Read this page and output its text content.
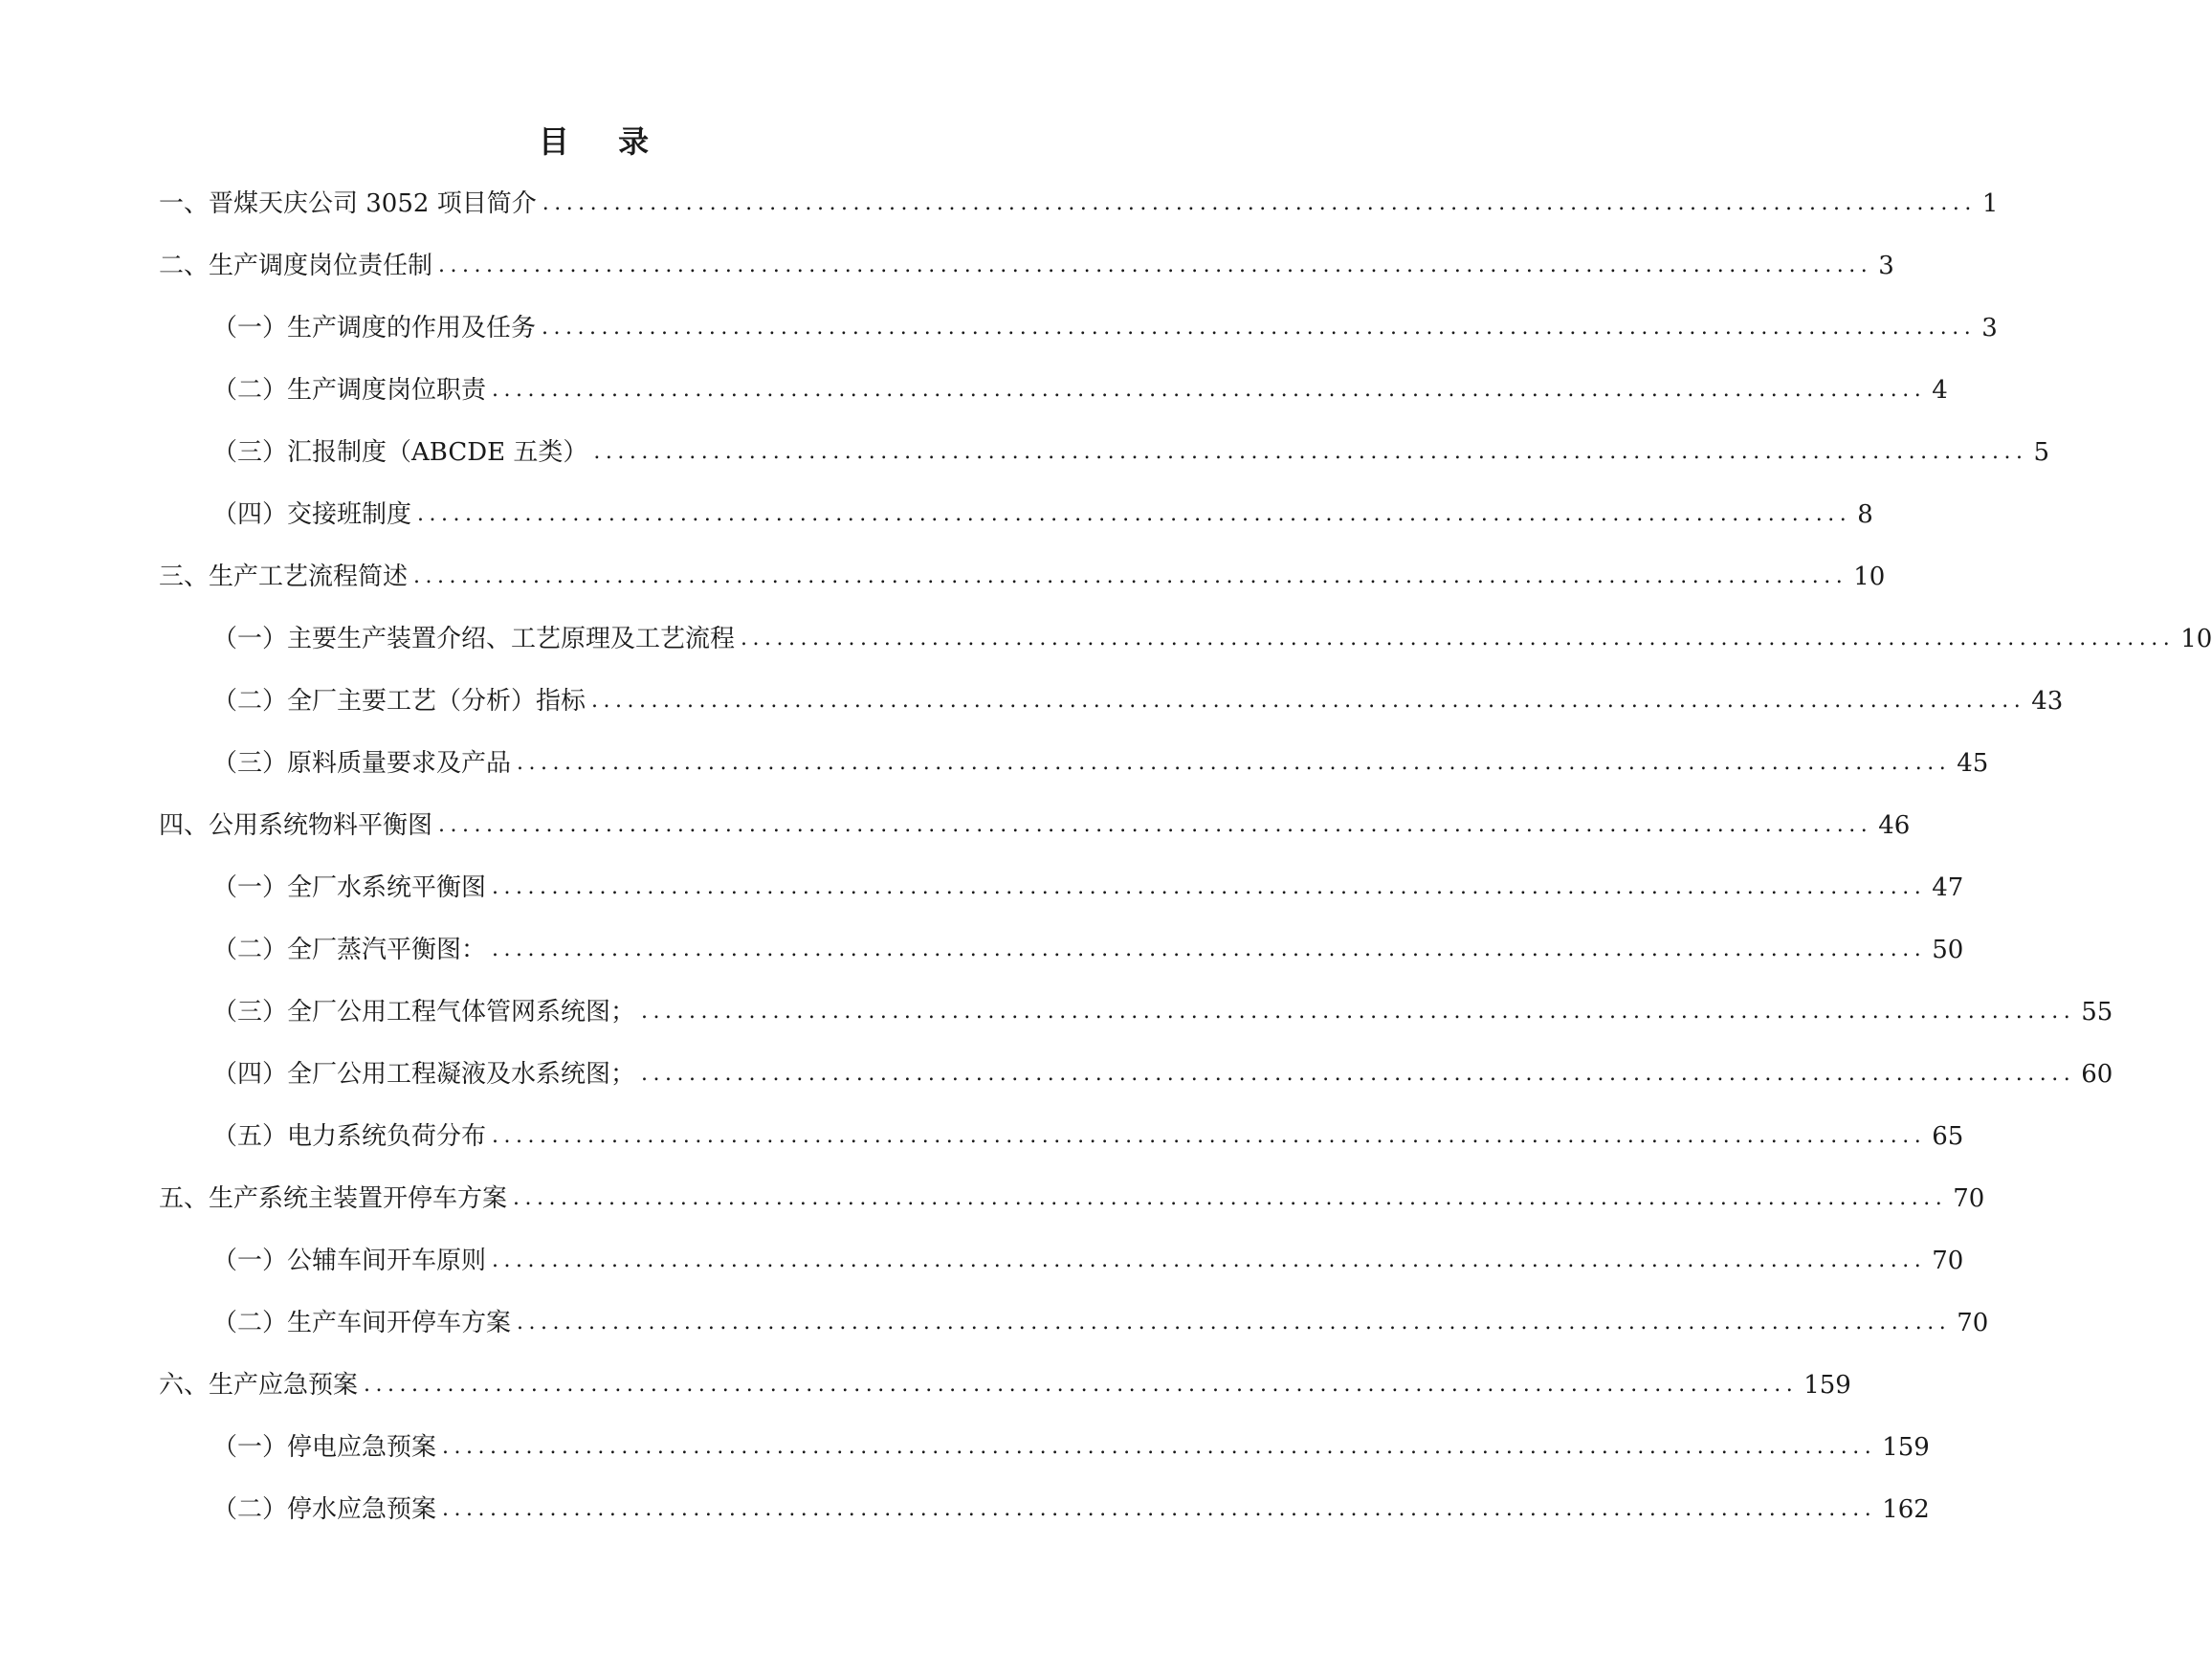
目 录
一、晋煤天庆公司 3052 项目简介 ........................................................................................................................ 1
二、生产调度岗位责任制 ........................................................................................................................ 3
（一）生产调度的作用及任务 ........................................................................................................................ 3
（二）生产调度岗位职责 ........................................................................................................................ 4
（三）汇报制度（ABCDE 五类） ........................................................................................................................ 5
（四）交接班制度 ........................................................................................................................ 8
三、生产工艺流程简述 ........................................................................................................................ 10
（一）主要生产装置介绍、工艺原理及工艺流程 ........................................................................................................................ 10
（二）全厂主要工艺（分析）指标 ........................................................................................................................ 43
（三）原料质量要求及产品 ........................................................................................................................ 45
四、公用系统物料平衡图 ........................................................................................................................ 46
（一）全厂水系统平衡图 ........................................................................................................................ 47
（二）全厂蒸汽平衡图： ........................................................................................................................ 50
（三）全厂公用工程气体管网系统图； ........................................................................................................................ 55
（四）全厂公用工程凝液及水系统图； ........................................................................................................................ 60
（五）电力系统负荷分布 ........................................................................................................................ 65
五、生产系统主装置开停车方案 ........................................................................................................................ 70
（一）公辅车间开车原则 ........................................................................................................................ 70
（二）生产车间开停车方案 ........................................................................................................................ 70
六、生产应急预案 ........................................................................................................................ 159
（一）停电应急预案 ........................................................................................................................ 159
（二）停水应急预案 ........................................................................................................................ 162
